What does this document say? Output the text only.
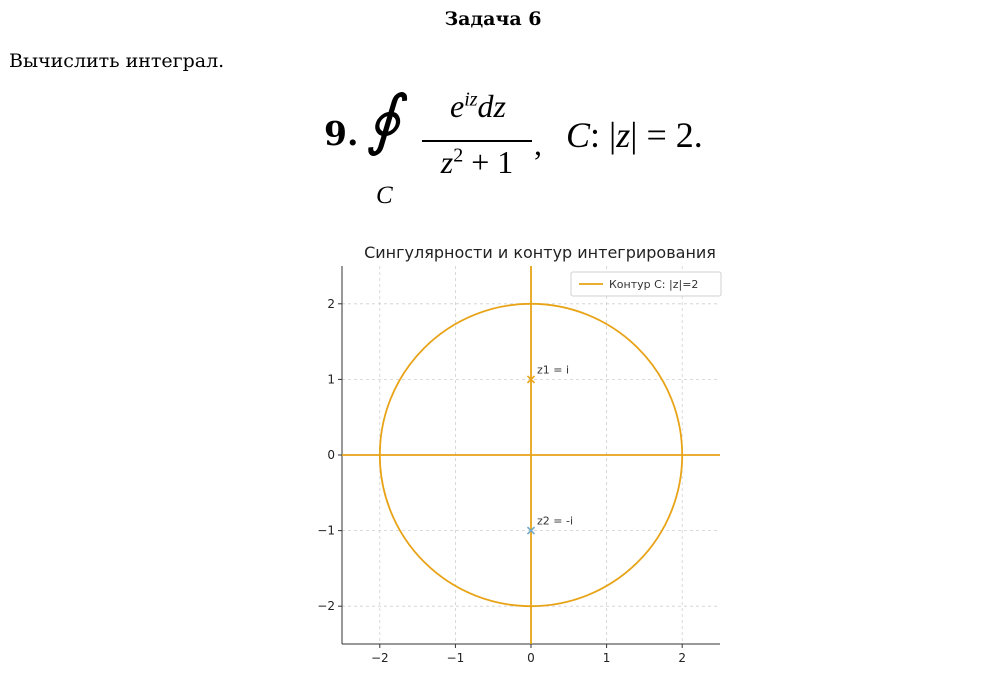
Задача 6
Вычислить интеграл.
9. ∮
C
$e^{iz}dz$
$z^2 + 1$ , C: |z| = 2.
Сингулярности и контур интегрирования
z1 = i
z2 = -i
−2	−1	0	1	2
−2
−1
0
1
2
Контур C: |z|=2
